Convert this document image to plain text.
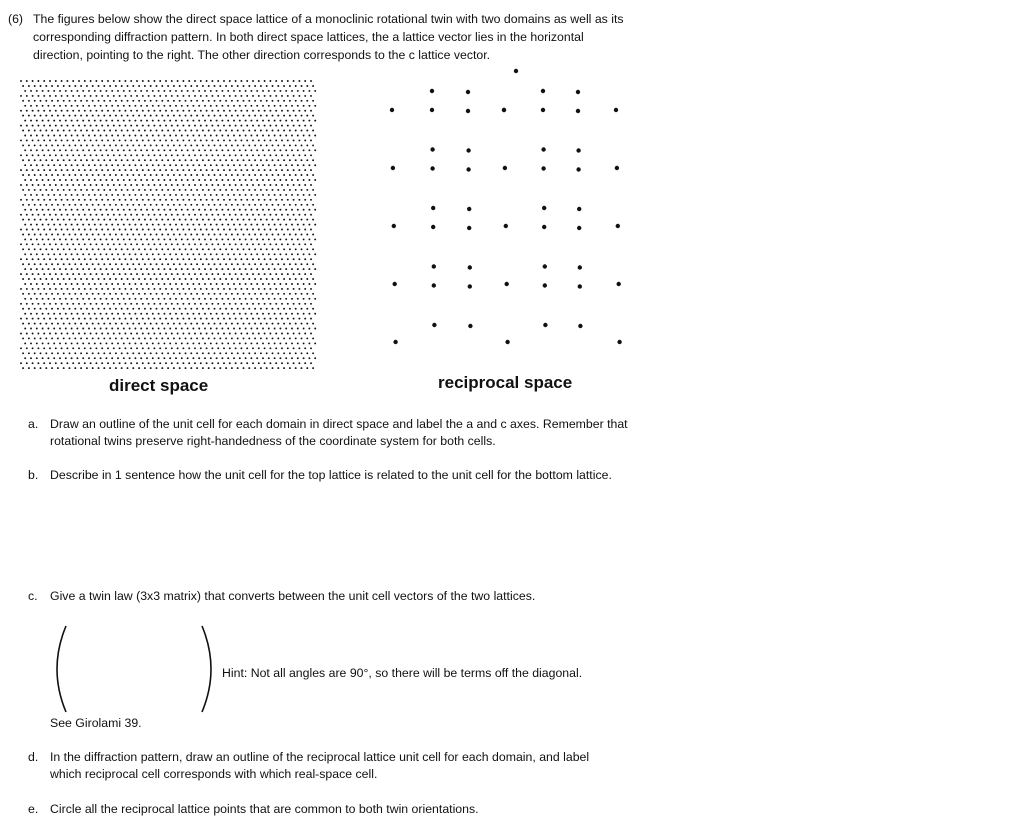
(6) The figures below show the direct space lattice of a monoclinic rotational twin with two domains as well as its
corresponding diffraction pattern. In both direct space lattices, the a lattice vector lies in the horizontal
direction, pointing to the right. The other direction corresponds to the c lattice vector.
direct space	reciprocal space
a. Draw an outline of the unit cell for each domain in direct space and label the a and c axes. Remember that
rotational twins preserve right-handedness of the coordinate system for both cells.
b. Describe in 1 sentence how the unit cell for the top lattice is related to the unit cell for the bottom lattice.
c.	Give a twin law (3x3 matrix) that converts between the unit cell vectors of the two lattices.
Hint: Not all angles are 90°, so there will be terms off the diagonal.
See Girolami 39.
d. In the diffraction pattern, draw an outline of the reciprocal lattice unit cell for each domain, and label
which reciprocal cell corresponds with which real-space cell.
e. Circle all the reciprocal lattice points that are common to both twin orientations.
